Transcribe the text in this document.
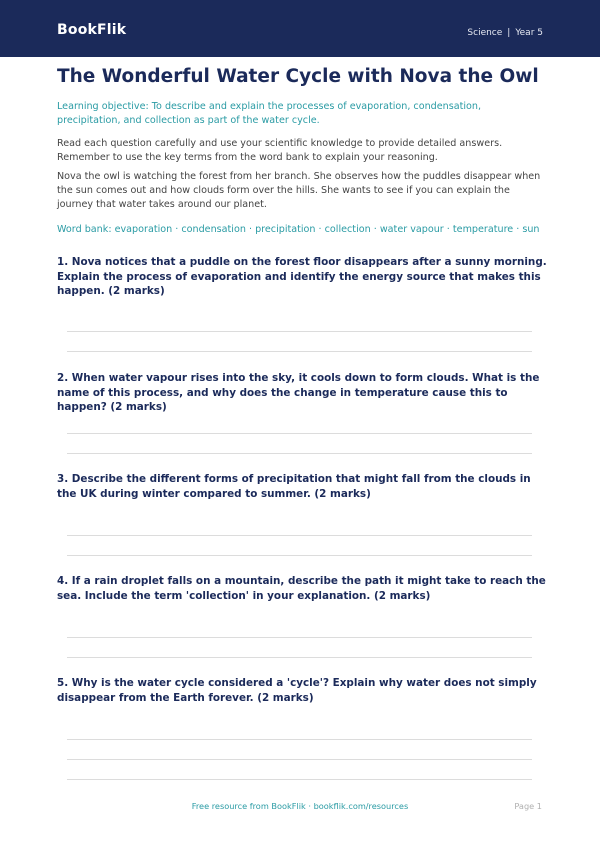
BookFlik	Science | Year 5
The Wonderful Water Cycle with Nova the Owl

Learning objective: To describe and explain the processes of evaporation, condensation, precipitation, and collection as part of the water cycle.

Read each question carefully and use your scientific knowledge to provide detailed answers. Remember to use the key terms from the word bank to explain your reasoning.

Nova the owl is watching the forest from her branch. She observes how the puddles disappear when the sun comes out and how clouds form over the hills. She wants to see if you can explain the journey that water takes around our planet.

Word bank: evaporation · condensation · precipitation · collection · water vapour · temperature · sun

1. Nova notices that a puddle on the forest floor disappears after a sunny morning. Explain the process of evaporation and identify the energy source that makes this happen. (2 marks)
2. When water vapour rises into the sky, it cools down to form clouds. What is the name of this process, and why does the change in temperature cause this to happen? (2 marks)
3. Describe the different forms of precipitation that might fall from the clouds in the UK during winter compared to summer. (2 marks)
4. If a rain droplet falls on a mountain, describe the path it might take to reach the sea. Include the term 'collection' in your explanation. (2 marks)
5. Why is the water cycle considered a 'cycle'? Explain why water does not simply disappear from the Earth forever. (2 marks)
Free resource from BookFlik · bookflik.com/resources	Page 1
